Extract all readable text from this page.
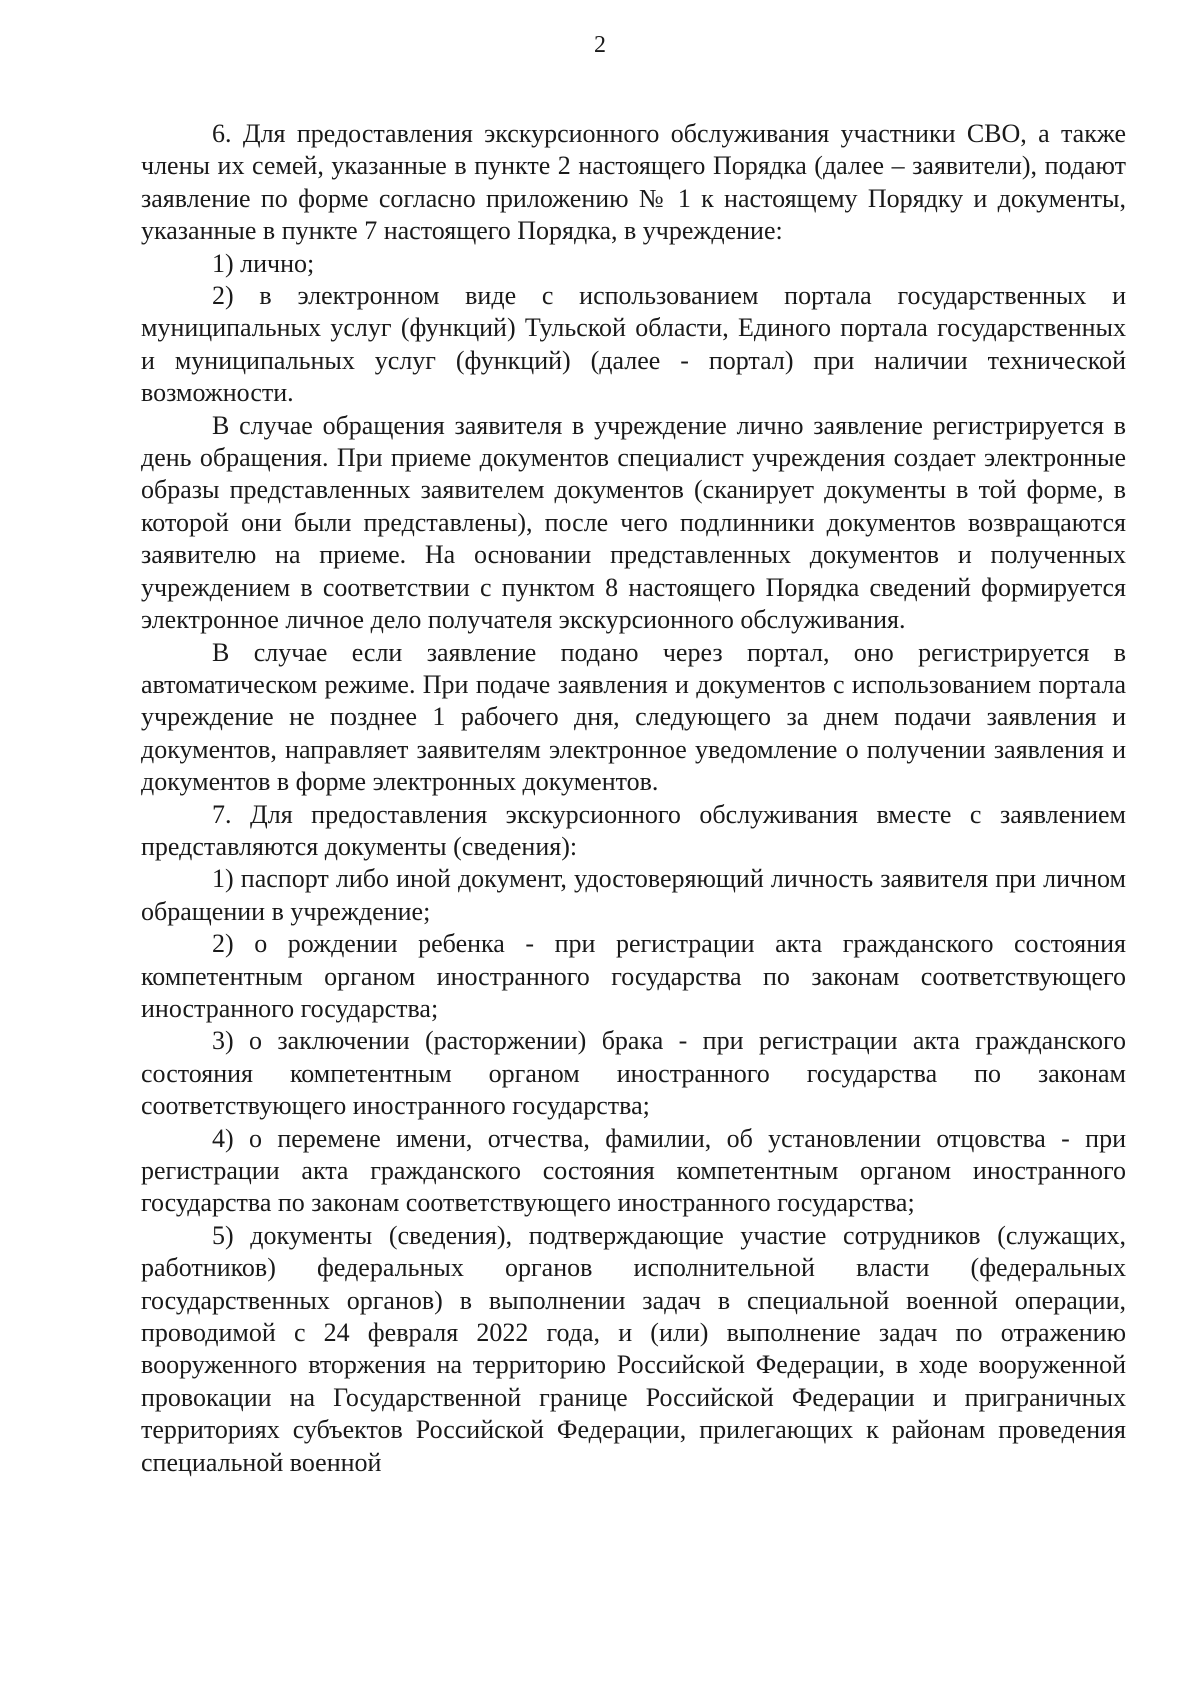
2

6. Для предоставления экскурсионного обслуживания участники СВО, а также члены их семей, указанные в пункте 2 настоящего Порядка (далее – заявители), подают заявление по форме согласно приложению № 1 к настоящему Порядку и документы, указанные в пункте 7 настоящего Порядка, в учреждение:

1) лично;

2) в электронном виде с использованием портала государственных и муниципальных услуг (функций) Тульской области, Единого портала государственных и муниципальных услуг (функций) (далее - портал) при наличии технической возможности.

В случае обращения заявителя в учреждение лично заявление регистрируется в день обращения. При приеме документов специалист учреждения создает электронные образы представленных заявителем документов (сканирует документы в той форме, в которой они были представлены), после чего подлинники документов возвращаются заявителю на приеме. На основании представленных документов и полученных учреждением в соответствии с пунктом 8 настоящего Порядка сведений формируется электронное личное дело получателя экскурсионного обслуживания.

В случае если заявление подано через портал, оно регистрируется в автоматическом режиме. При подаче заявления и документов с использованием портала учреждение не позднее 1 рабочего дня, следующего за днем подачи заявления и документов, направляет заявителям электронное уведомление о получении заявления и документов в форме электронных документов.

7. Для предоставления экскурсионного обслуживания вместе с заявлением представляются документы (сведения):

1) паспорт либо иной документ, удостоверяющий личность заявителя при личном обращении в учреждение;

2) о рождении ребенка - при регистрации акта гражданского состояния компетентным органом иностранного государства по законам соответствующего иностранного государства;

3) о заключении (расторжении) брака - при регистрации акта гражданского состояния компетентным органом иностранного государства по законам соответствующего иностранного государства;

4) о перемене имени, отчества, фамилии, об установлении отцовства - при регистрации акта гражданского состояния компетентным органом иностранного государства по законам соответствующего иностранного государства;

5) документы (сведения), подтверждающие участие сотрудников (служащих, работников) федеральных органов исполнительной власти (федеральных государственных органов) в выполнении задач в специальной военной операции, проводимой с 24 февраля 2022 года, и (или) выполнение задач по отражению вооруженного вторжения на территорию Российской Федерации, в ходе вооруженной провокации на Государственной границе Российской Федерации и приграничных территориях субъектов Российской Федерации, прилегающих к районам проведения специальной военной
